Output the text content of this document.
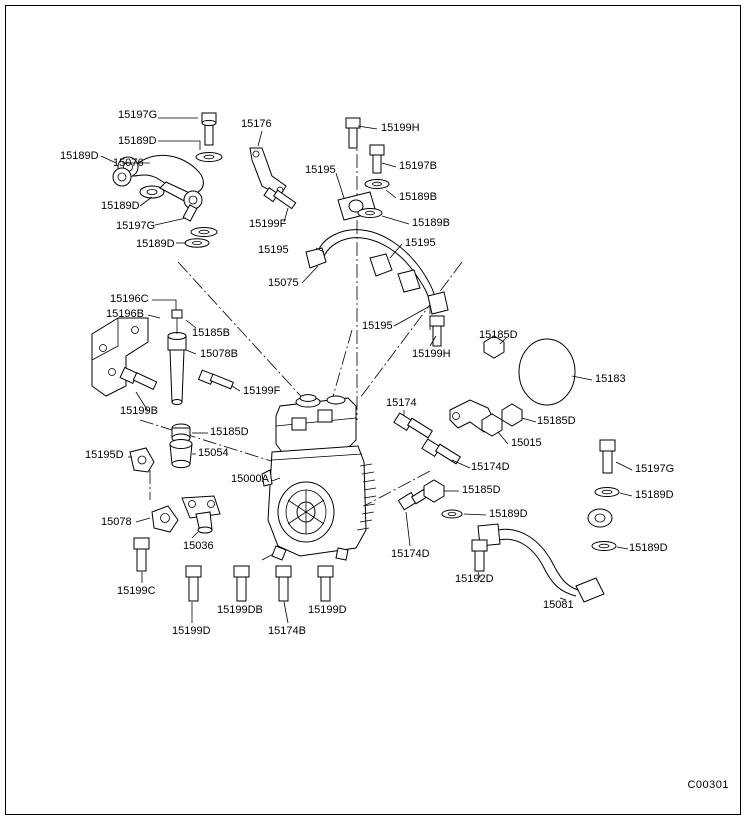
15197G
15189D
15076
15189D
15189D
15197G
15189D
15176
15199F
15195
15199H
15197B
15189B
15189B
15195
15195
15075
15195
15199H
15185D
15183
15185D
15196C
15196B
15185B
15078B
15199F
15199B
15185D
15054
15195D
15000A
15078
15036
15199C
15199D
15199DB
15174B
15199D
15174
15015
15174D
15185D
15189D
15174D
15192D
15081
15197G
15189D
15189D
C00301
